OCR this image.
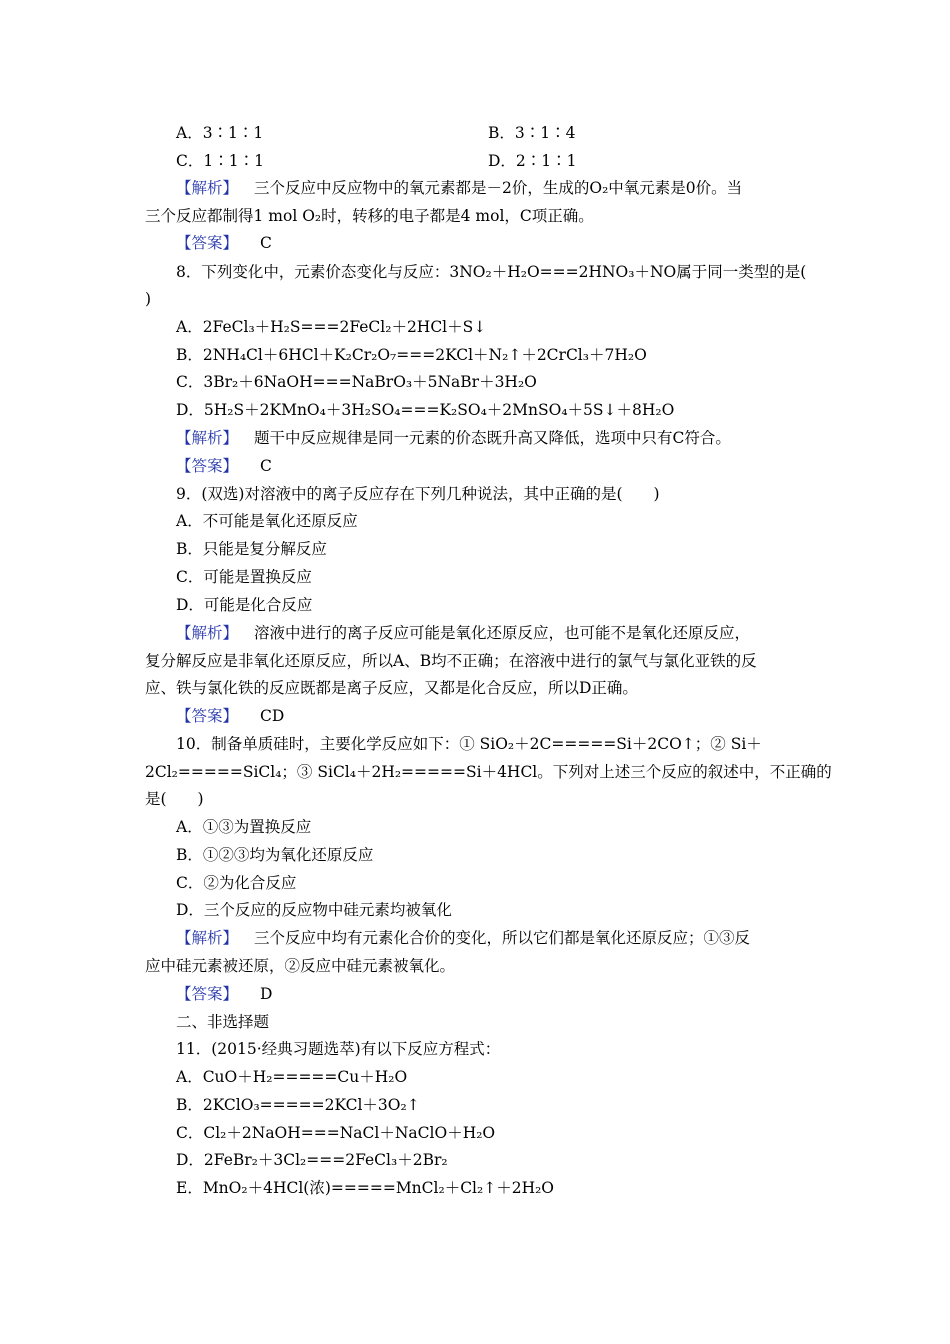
A．3∶1∶1	B．3∶1∶4
C．1∶1∶1	D．2∶1∶1
【解析】 三个反应中反应物中的氧元素都是－2价，生成的O₂中氧元素是0价。当
三个反应都制得1 mol O₂时，转移的电子都是4 mol，C项正确。
【答案】 C
8．下列变化中，元素价态变化与反应：3NO₂＋H₂O===2HNO₃＋NO属于同一类型的是(
)
A．2FeCl₃＋H₂S===2FeCl₂＋2HCl＋S↓
B．2NH₄Cl＋6HCl＋K₂Cr₂O₇===2KCl＋N₂↑＋2CrCl₃＋7H₂O
C．3Br₂＋6NaOH===NaBrO₃＋5NaBr＋3H₂O
D．5H₂S＋2KMnO₄＋3H₂SO₄===K₂SO₄＋2MnSO₄＋5S↓＋8H₂O
【解析】 题干中反应规律是同一元素的价态既升高又降低，选项中只有C符合。
【答案】 C
9．(双选)对溶液中的离子反应存在下列几种说法，其中正确的是(　　)
A．不可能是氧化还原反应
B．只能是复分解反应
C．可能是置换反应
D．可能是化合反应
【解析】 溶液中进行的离子反应可能是氧化还原反应，也可能不是氧化还原反应，
复分解反应是非氧化还原反应，所以A、B均不正确；在溶液中进行的氯气与氯化亚铁的反
应、铁与氯化铁的反应既都是离子反应，又都是化合反应，所以D正确。
【答案】 CD
10．制备单质硅时，主要化学反应如下：① SiO₂＋2C=====Si＋2CO↑；② Si＋
2Cl₂=====SiCl₄；③ SiCl₄＋2H₂=====Si＋4HCl。下列对上述三个反应的叙述中，不正确的
是(　　)
A．①③为置换反应
B．①②③均为氧化还原反应
C．②为化合反应
D．三个反应的反应物中硅元素均被氧化
【解析】 三个反应中均有元素化合价的变化，所以它们都是氧化还原反应；①③反
应中硅元素被还原，②反应中硅元素被氧化。
【答案】 D
二、非选择题
11．(2015·经典习题选萃)有以下反应方程式：
A．CuO＋H₂=====Cu＋H₂O
B．2KClO₃=====2KCl＋3O₂↑
C．Cl₂＋2NaOH===NaCl＋NaClO＋H₂O
D．2FeBr₂＋3Cl₂===2FeCl₃＋2Br₂
E．MnO₂＋4HCl(浓)=====MnCl₂＋Cl₂↑＋2H₂O
